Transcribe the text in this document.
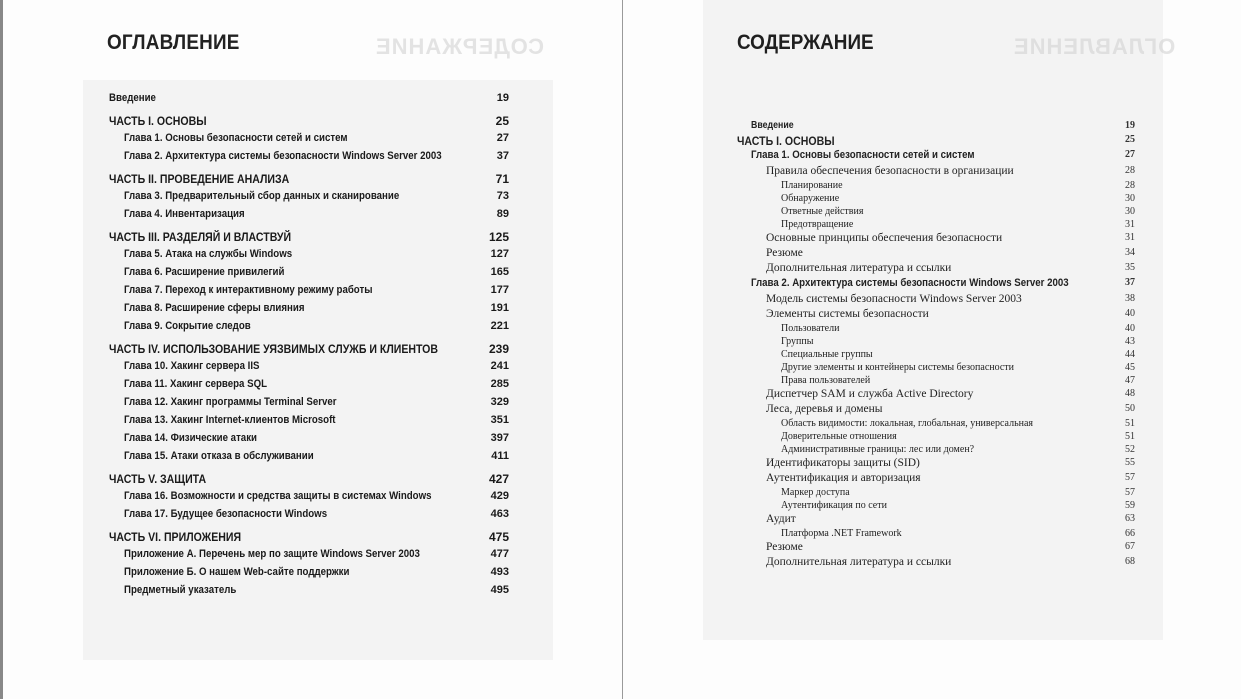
СОДЕРЖАНИЕ
ОГЛАВЛЕНИЕ
Введение	19
ЧАСТЬ I. ОСНОВЫ	25
Глава 1. Основы безопасности сетей и систем	27
Глава 2. Архитектура системы безопасности Windows Server 2003	37
ЧАСТЬ II. ПРОВЕДЕНИЕ АНАЛИЗА	71
Глава 3. Предварительный сбор данных и сканирование	73
Глава 4. Инвентаризация	89
ЧАСТЬ III. РАЗДЕЛЯЙ И ВЛАСТВУЙ	125
Глава 5. Атака на службы Windows	127
Глава 6. Расширение привилегий	165
Глава 7. Переход к интерактивному режиму работы	177
Глава 8. Расширение сферы влияния	191
Глава 9. Сокрытие следов	221
ЧАСТЬ IV. ИСПОЛЬЗОВАНИЕ УЯЗВИМЫХ СЛУЖБ И КЛИЕНТОВ	239
Глава 10. Хакинг сервера IIS	241
Глава 11. Хакинг сервера SQL	285
Глава 12. Хакинг программы Terminal Server	329
Глава 13. Хакинг Internet-клиентов Microsoft	351
Глава 14. Физические атаки	397
Глава 15. Атаки отказа в обслуживании	411
ЧАСТЬ V. ЗАЩИТА	427
Глава 16. Возможности и средства защиты в системах Windows	429
Глава 17. Будущее безопасности Windows	463
ЧАСТЬ VI. ПРИЛОЖЕНИЯ	475
Приложение А. Перечень мер по защите Windows Server 2003	477
Приложение Б. О нашем Web-сайте поддержки	493
Предметный указатель	495
ОГЛАВЛЕНИЕ
СОДЕРЖАНИЕ
Введение	19
ЧАСТЬ I. ОСНОВЫ	25
Глава 1. Основы безопасности сетей и систем	27
Правила обеспечения безопасности в организации	28
Планирование	28
Обнаружение	30
Ответные действия	30
Предотвращение	31
Основные принципы обеспечения безопасности	31
Резюме	34
Дополнительная литература и ссылки	35
Глава 2. Архитектура системы безопасности Windows Server 2003	37
Модель системы безопасности Windows Server 2003	38
Элементы системы безопасности	40
Пользователи	40
Группы	43
Специальные группы	44
Другие элементы и контейнеры системы безопасности	45
Права пользователей	47
Диспетчер SAM и служба Active Directory	48
Леса, деревья и домены	50
Область видимости: локальная, глобальная, универсальная	51
Доверительные отношения	51
Административные границы: лес или домен?	52
Идентификаторы защиты (SID)	55
Аутентификация и авторизация	57
Маркер доступа	57
Аутентификация по сети	59
Аудит	63
Платформа .NET Framework	66
Резюме	67
Дополнительная литература и ссылки	68
